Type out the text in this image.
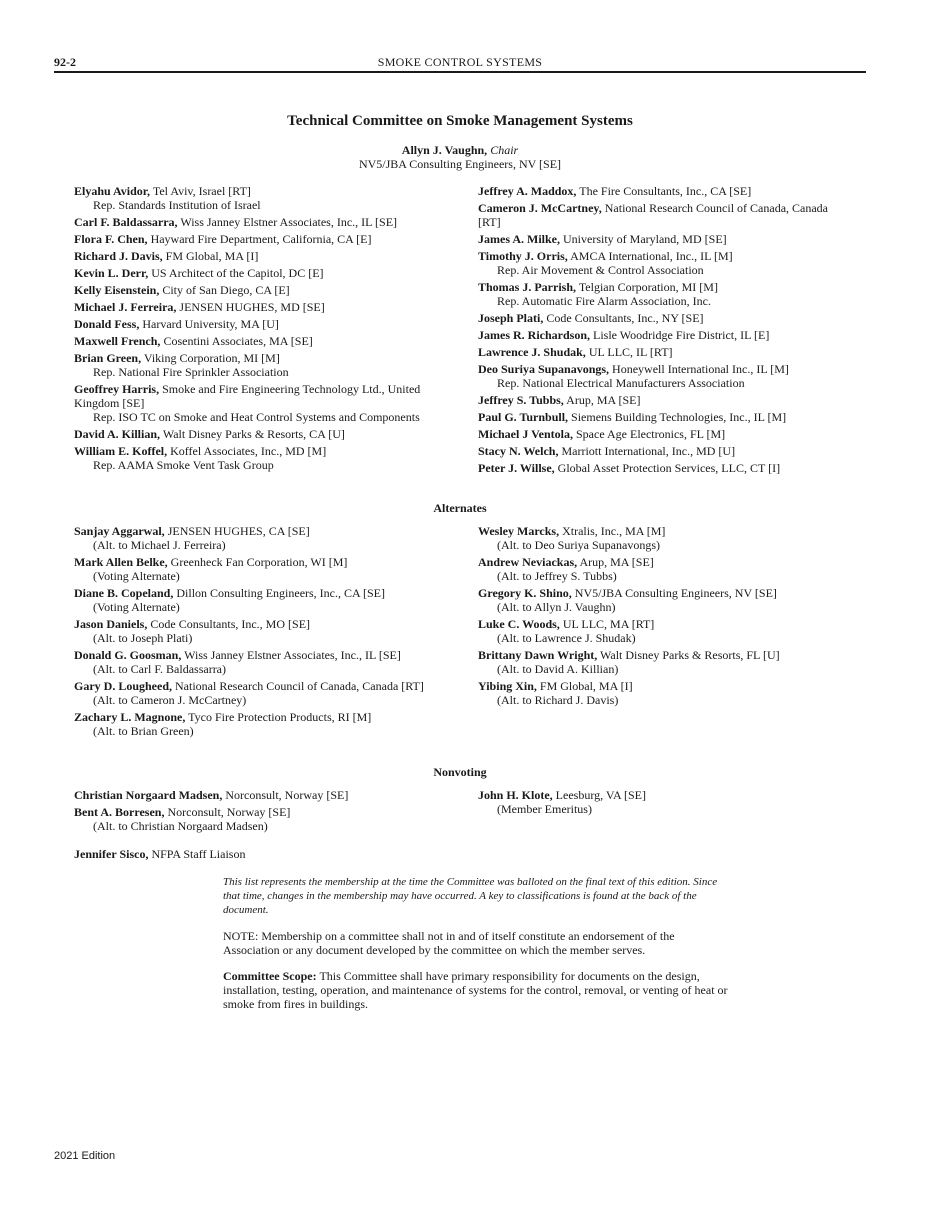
92-2	SMOKE CONTROL SYSTEMS
Technical Committee on Smoke Management Systems
Allyn J. Vaughn, Chair
NV5/JBA Consulting Engineers, NV [SE]
Elyahu Avidor, Tel Aviv, Israel [RT]
Rep. Standards Institution of Israel
Carl F. Baldassarra, Wiss Janney Elstner Associates, Inc., IL [SE]
Flora F. Chen, Hayward Fire Department, California, CA [E]
Richard J. Davis, FM Global, MA [I]
Kevin L. Derr, US Architect of the Capitol, DC [E]
Kelly Eisenstein, City of San Diego, CA [E]
Michael J. Ferreira, JENSEN HUGHES, MD [SE]
Donald Fess, Harvard University, MA [U]
Maxwell French, Cosentini Associates, MA [SE]
Brian Green, Viking Corporation, MI [M]
Rep. National Fire Sprinkler Association
Geoffrey Harris, Smoke and Fire Engineering Technology Ltd., United Kingdom [SE]
Rep. ISO TC on Smoke and Heat Control Systems and Components
David A. Killian, Walt Disney Parks & Resorts, CA [U]
William E. Koffel, Koffel Associates, Inc., MD [M]
Rep. AAMA Smoke Vent Task Group
Jeffrey A. Maddox, The Fire Consultants, Inc., CA [SE]
Cameron J. McCartney, National Research Council of Canada, Canada [RT]
James A. Milke, University of Maryland, MD [SE]
Timothy J. Orris, AMCA International, Inc., IL [M]
Rep. Air Movement & Control Association
Thomas J. Parrish, Telgian Corporation, MI [M]
Rep. Automatic Fire Alarm Association, Inc.
Joseph Plati, Code Consultants, Inc., NY [SE]
James R. Richardson, Lisle Woodridge Fire District, IL [E]
Lawrence J. Shudak, UL LLC, IL [RT]
Deo Suriya Supanavongs, Honeywell International Inc., IL [M]
Rep. National Electrical Manufacturers Association
Jeffrey S. Tubbs, Arup, MA [SE]
Paul G. Turnbull, Siemens Building Technologies, Inc., IL [M]
Michael J Ventola, Space Age Electronics, FL [M]
Stacy N. Welch, Marriott International, Inc., MD [U]
Peter J. Willse, Global Asset Protection Services, LLC, CT [I]
Alternates
Sanjay Aggarwal, JENSEN HUGHES, CA [SE]
(Alt. to Michael J. Ferreira)
Mark Allen Belke, Greenheck Fan Corporation, WI [M]
(Voting Alternate)
Diane B. Copeland, Dillon Consulting Engineers, Inc., CA [SE]
(Voting Alternate)
Jason Daniels, Code Consultants, Inc., MO [SE]
(Alt. to Joseph Plati)
Donald G. Goosman, Wiss Janney Elstner Associates, Inc., IL [SE]
(Alt. to Carl F. Baldassarra)
Gary D. Lougheed, National Research Council of Canada, Canada [RT]
(Alt. to Cameron J. McCartney)
Zachary L. Magnone, Tyco Fire Protection Products, RI [M]
(Alt. to Brian Green)
Wesley Marcks, Xtralis, Inc., MA [M]
(Alt. to Deo Suriya Supanavongs)
Andrew Neviackas, Arup, MA [SE]
(Alt. to Jeffrey S. Tubbs)
Gregory K. Shino, NV5/JBA Consulting Engineers, NV [SE]
(Alt. to Allyn J. Vaughn)
Luke C. Woods, UL LLC, MA [RT]
(Alt. to Lawrence J. Shudak)
Brittany Dawn Wright, Walt Disney Parks & Resorts, FL [U]
(Alt. to David A. Killian)
Yibing Xin, FM Global, MA [I]
(Alt. to Richard J. Davis)
Nonvoting
Christian Norgaard Madsen, Norconsult, Norway [SE]
Bent A. Borresen, Norconsult, Norway [SE]
(Alt. to Christian Norgaard Madsen)
John H. Klote, Leesburg, VA [SE]
(Member Emeritus)
Jennifer Sisco, NFPA Staff Liaison
This list represents the membership at the time the Committee was balloted on the final text of this edition. Since that time, changes in the membership may have occurred. A key to classifications is found at the back of the document.
NOTE: Membership on a committee shall not in and of itself constitute an endorsement of the Association or any document developed by the committee on which the member serves.
Committee Scope: This Committee shall have primary responsibility for documents on the design, installation, testing, operation, and maintenance of systems for the control, removal, or venting of heat or smoke from fires in buildings.
2021 Edition
